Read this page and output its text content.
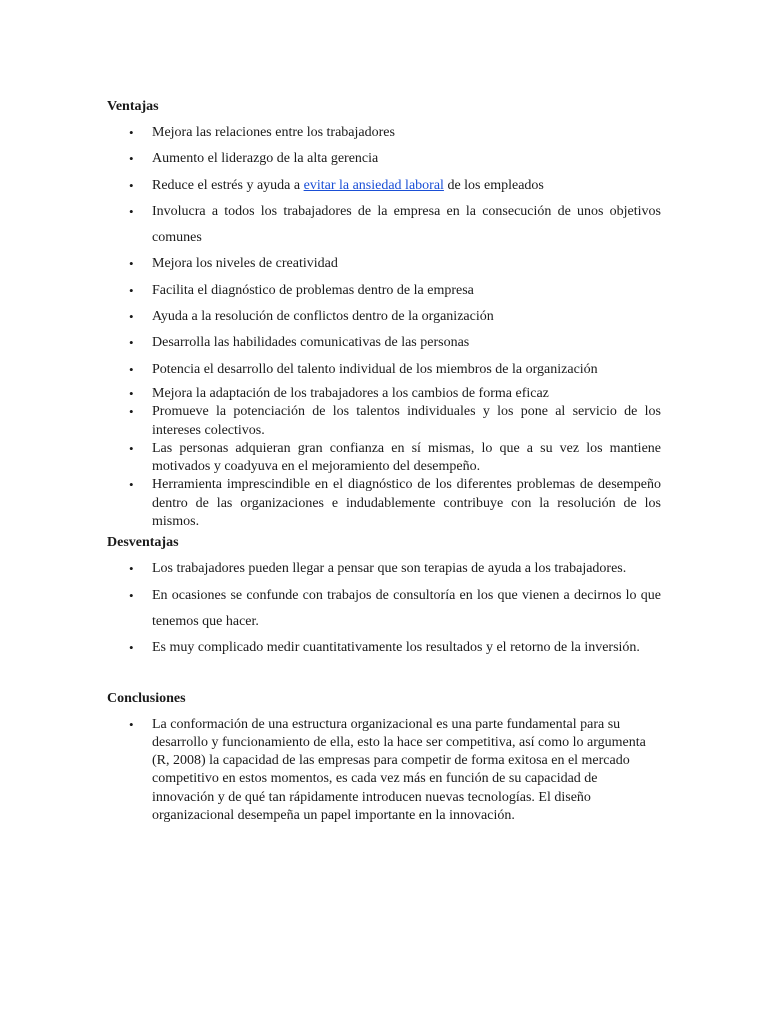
Ventajas
• Mejora las relaciones entre los trabajadores
• Aumento el liderazgo de la alta gerencia
• Reduce el estrés y ayuda a evitar la ansiedad laboral de los empleados
• Involucra a todos los trabajadores de la empresa en la consecución de unos objetivos comunes
• Mejora los niveles de creatividad
• Facilita el diagnóstico de problemas dentro de la empresa
• Ayuda a la resolución de conflictos dentro de la organización
• Desarrolla las habilidades comunicativas de las personas
• Potencia el desarrollo del talento individual de los miembros de la organización
• Mejora la adaptación de los trabajadores a los cambios de forma eficaz
• Promueve la potenciación de los talentos individuales y los pone al servicio de los intereses colectivos.
• Las personas adquieran gran confianza en sí mismas, lo que a su vez los mantiene motivados y coadyuva en el mejoramiento del desempeño.
• Herramienta imprescindible en el diagnóstico de los diferentes problemas de desempeño dentro de las organizaciones e indudablemente contribuye con la resolución de los mismos.
Desventajas
• Los trabajadores pueden llegar a pensar que son terapias de ayuda a los trabajadores.
• En ocasiones se confunde con trabajos de consultoría en los que vienen a decirnos lo que tenemos que hacer.
• Es muy complicado medir cuantitativamente los resultados y el retorno de la inversión.
Conclusiones
• La conformación de una estructura organizacional es una parte fundamental para su desarrollo y funcionamiento de ella, esto la hace ser competitiva, así como lo argumenta (R, 2008) la capacidad de las empresas para competir de forma exitosa en el mercado competitivo en estos momentos, es cada vez más en función de su capacidad de innovación y de qué tan rápidamente introducen nuevas tecnologías. El diseño organizacional desempeña un papel importante en la innovación.
